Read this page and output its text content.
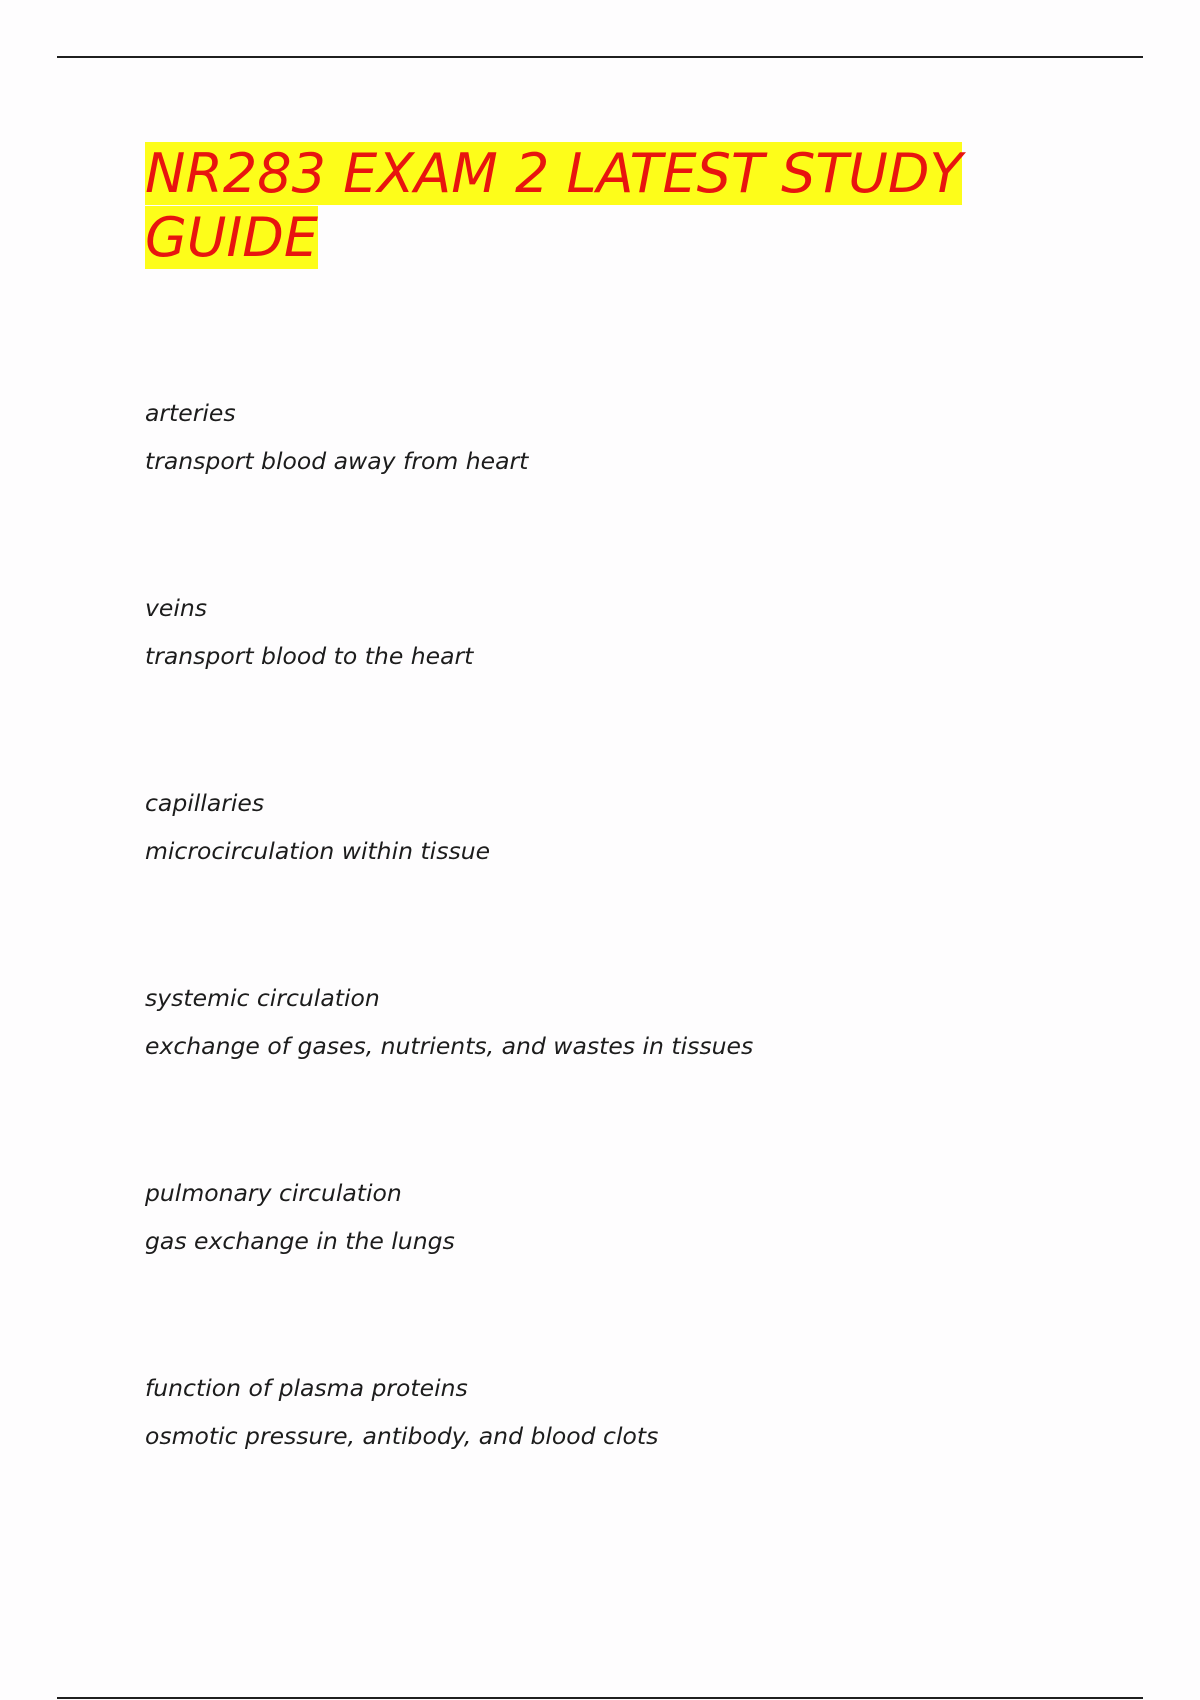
NR283 EXAM 2 LATEST STUDY GUIDE
arteries
transport blood away from heart
veins
transport blood to the heart
capillaries
microcirculation within tissue
systemic circulation
exchange of gases, nutrients, and wastes in tissues
pulmonary circulation
gas exchange in the lungs
function of plasma proteins
osmotic pressure, antibody, and blood clots
